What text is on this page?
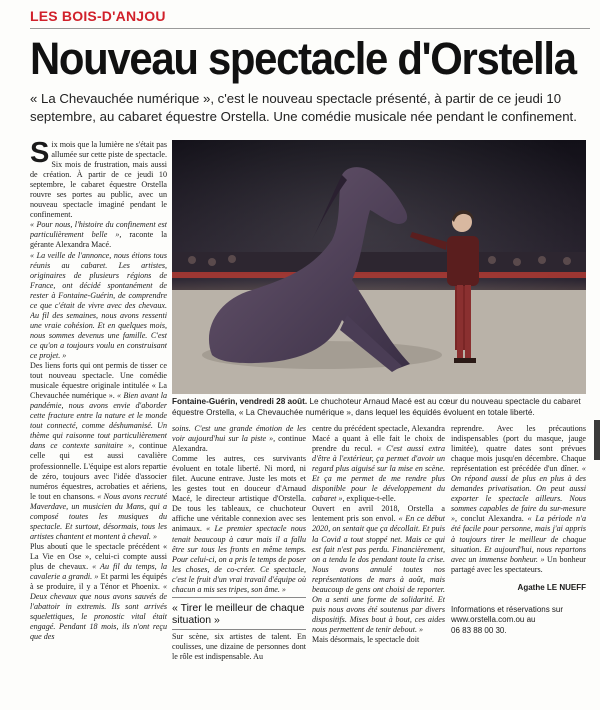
LES BOIS-D'ANJOU
Nouveau spectacle d'Orstella
« La Chevauchée numérique », c'est le nouveau spectacle présenté, à partir de ce jeudi 10 septembre, au cabaret équestre Orstella. Une comédie musicale née pendant le confinement.

S ix mois que la lumière ne s'était pas allumée sur cette piste de spectacle. Six mois de frustration, mais aussi de création. À partir de ce jeudi 10 septembre, le cabaret équestre Orstella rouvre ses portes au public, avec un nouveau spectacle imaginé pendant le confinement.

« Pour nous, l'histoire du confinement est particulièrement belle », raconte la gérante Alexandra Macé.

« La veille de l'annonce, nous étions tous réunis au cabaret. Les artistes, originaires de plusieurs régions de France, ont décidé spontanément de rester à Fontaine-Guérin, de comprendre ce que c'était de vivre avec des chevaux. Au fil des semaines, nous avons ressenti une vraie cohésion. Et en quelques mois, nous sommes devenus une famille. C'est ce qu'on a toujours voulu en construisant ce projet. »

Des liens forts qui ont permis de tisser ce tout nouveau spectacle. Une comédie musicale équestre originale intitulée « La Chevauchée numérique ». « Bien avant la pandémie, nous avons envie d'aborder cette fracture entre la nature et le monde tout connecté, comme déshumanisé. Un thème qui raisonne tout particulièrement dans ce contexte sanitaire », continue celle qui est aussi cavalière professionnelle. L'équipe est alors repartie de zéro, toujours avec l'idée d'associer numéros équestres, acrobaties et aériens, le tout en chansons. « Nous avons recruté Maverdave, un musicien du Mans, qui a composé toutes les musiques du spectacle. Et surtout, désormais, tous les artistes chantent et montent à cheval. »

Plus aboutí que le spectacle précédent « La Vie en Ose », celui-ci compte aussi plus de chevaux. « Au fil du temps, la cavalerie a grandi. » Et parmi les équipés à se produire, il y a Ténor et Phoenix. « Deux chevaux que nous avons sauvés de l'abattoir in extremis. Ils sont arrivés squelettiques, le pronostic vital était engagé. Pendant 18 mois, ils n'ont reçu que des

Fontaine-Guérin, vendredi 28 août. Le chuchoteur Arnaud Macé est au cœur du nouveau spectacle du cabaret équestre Orstella, « La Chevauchée numérique », dans lequel les équidés évoluent en totale liberté.

soins. C'est une grande émotion de les voir aujourd'hui sur la piste », continue Alexandra.

Comme les autres, ces survivants évoluent en totale liberté. Ni mord, ni filet. Aucune entrave. Juste les mots et les gestes tout en douceur d'Arnaud Macé, le directeur artistique d'Orstella. De tous les tableaux, ce chuchoteur affiche une véritable connexion avec ses animaux. « Le premier spectacle nous tenait beaucoup à cœur mais il a fallu être sur tous les fronts en même temps. Pour celui-ci, on a pris le temps de poser les choses, de co-créer. Ce spectacle, c'est le fruit d'un vrai travail d'équipe où chacun a mis ses tripes, son âme. »

« Tirer le meilleur de chaque situation »

Sur scène, six artistes de talent. En coulisses, une dizaine de personnes dont le rôle est indispensable. Au

centre du précédent spectacle, Alexandra Macé a quant à elle fait le choix de prendre du recul. « C'est aussi extra d'être à l'extérieur, ça permet d'avoir un regard plus aiguisé sur la mise en scène. Et ça me permet de me rendre plus disponible pour le développement du cabaret », explique-t-elle.

Ouvert en avril 2018, Orstella a lentement pris son envol. « En ce début 2020, on sentait que ça décollait. Et puis la Covid a tout stoppé net. Mais ce qui est fait n'est pas perdu. Financièrement, on a tendu le dos pendant toute la crise. Nous avons annulé toutes nos représentations de mars à août, mais beaucoup de gens ont choisi de reporter. On a senti une forme de solidarité. Et puis nous avons été soutenus par divers dispositifs. Mises bout à bout, ces aides nous permettent de tenir debout. »

Mais désormais, le spectacle doit

reprendre. Avec les précautions indispensables (port du masque, jauge limitée), quatre dates sont prévues chaque mois jusqu'en décembre. Chaque représentation est précédée d'un dîner. « On répond aussi de plus en plus à des demandes privatisation. On peut aussi exporter le spectacle ailleurs. Nous sommes capables de faire du sur-mesure », conclut Alexandra. « La période n'a été facile pour personne, mais j'ai appris à toujours tirer le meilleur de chaque situation. Et aujourd'hui, nous repartons avec un immense bonheur. » Un bonheur partagé avec les spectateurs.

Agathe LE NUEFF
Informations et réservations sur
www.orstella.com.ou au
06 83 88 00 30.
